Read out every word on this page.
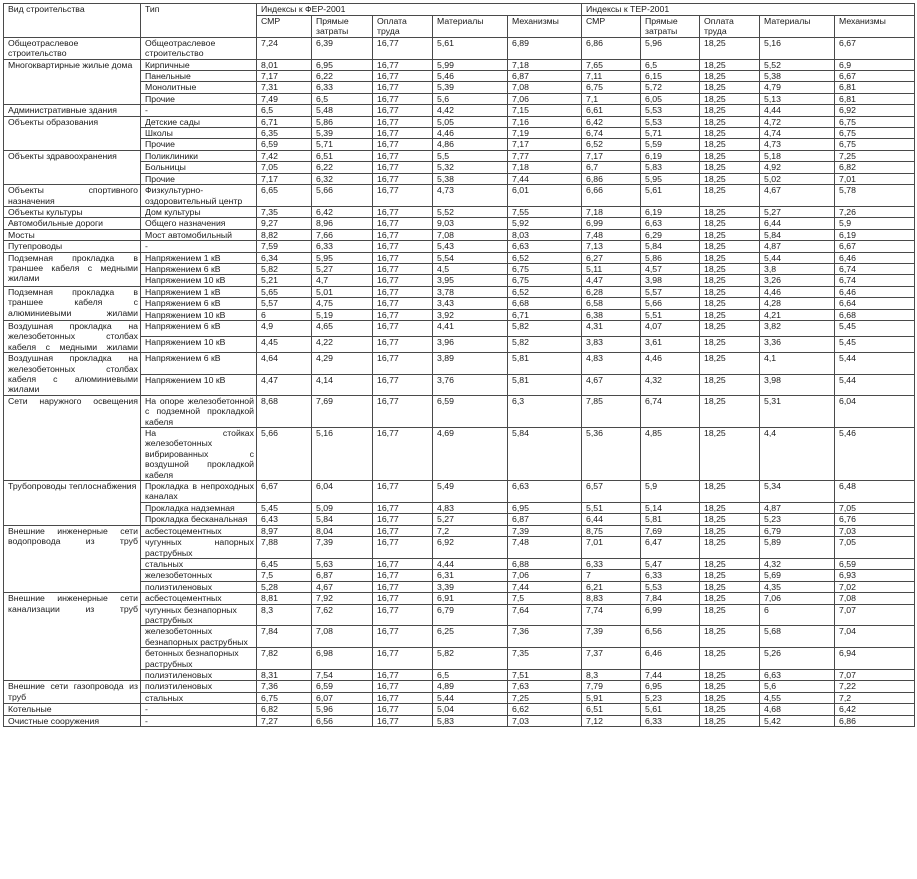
Вид строительства	Тип	Индексы к ФЕР-2001					Индексы к ТЕР-2001				
		СМР	Прямые затраты	Оплата труда	Материалы	Механизмы	СМР	Прямые затраты	Оплата труда	Материалы	Механизмы
Общеотраслевое строительство	Общеотраслевое строительство	7,24	6,39	16,77	5,61	6,89	6,86	5,96	18,25	5,16	6,67
Многоквартирные жилые дома	Кирпичные	8,01	6,95	16,77	5,99	7,18	7,65	6,5	18,25	5,52	6,9
	Панельные	7,17	6,22	16,77	5,46	6,87	7,11	6,15	18,25	5,38	6,67
	Монолитные	7,31	6,33	16,77	5,39	7,08	6,75	5,72	18,25	4,79	6,81
	Прочие	7,49	6,5	16,77	5,6	7,06	7,1	6,05	18,25	5,13	6,81
Административные здания	-	6,5	5,48	16,77	4,42	7,15	6,61	5,53	18,25	4,44	6,92
Объекты образования	Детские сады	6,71	5,86	16,77	5,05	7,16	6,42	5,53	18,25	4,72	6,75
	Школы	6,35	5,39	16,77	4,46	7,19	6,74	5,71	18,25	4,74	6,75
	Прочие	6,59	5,71	16,77	4,86	7,17	6,52	5,59	18,25	4,73	6,75
Объекты здравоохранения	Поликлиники	7,42	6,51	16,77	5,5	7,77	7,17	6,19	18,25	5,18	7,25
	Больницы	7,05	6,22	16,77	5,32	7,18	6,7	5,83	18,25	4,92	6,82
	Прочие	7,17	6,32	16,77	5,38	7,44	6,86	5,95	18,25	5,02	7,01
Объекты спортивного назначения	Физкультурно-оздоровительный центр	6,65	5,66	16,77	4,73	6,01	6,66	5,61	18,25	4,67	5,78
Объекты культуры	Дом культуры	7,35	6,42	16,77	5,52	7,55	7,18	6,19	18,25	5,27	7,26
Автомобильные дороги	Общего назначения	9,27	8,96	16,77	9,03	5,92	6,99	6,63	18,25	6,44	5,9
Мосты	Мост автомобильный	8,82	7,66	16,77	7,08	8,03	7,48	6,29	18,25	5,84	6,19
Путепроводы	-	7,59	6,33	16,77	5,43	6,63	7,13	5,84	18,25	4,87	6,67
Подземная прокладка в траншее кабеля с медными жилами	Напряжением 1 кВ	6,34	5,95	16,77	5,54	6,52	6,27	5,86	18,25	5,44	6,46
	Напряжением 6 кВ	5,82	5,27	16,77	4,5	6,75	5,11	4,57	18,25	3,8	6,74
	Напряжением 10 кВ	5,21	4,7	16,77	3,95	6,75	4,47	3,98	18,25	3,26	6,74
Подземная прокладка в траншее кабеля с алюминиевыми жилами	Напряжением 1 кВ	5,65	5,01	16,77	3,78	6,52	6,28	5,57	18,25	4,46	6,46
	Напряжением 6 кВ	5,57	4,75	16,77	3,43	6,68	6,58	5,66	18,25	4,28	6,64
	Напряжением 10 кВ	6	5,19	16,77	3,92	6,71	6,38	5,51	18,25	4,21	6,68
Воздушная прокладка на железобетонных столбах кабеля с медными жилами	Напряжением 6 кВ	4,9	4,65	16,77	4,41	5,82	4,31	4,07	18,25	3,82	5,45
	Напряжением 10 кВ	4,45	4,22	16,77	3,96	5,82	3,83	3,61	18,25	3,36	5,45
Воздушная прокладка на железобетонных столбах кабеля с алюминиевыми жилами	Напряжением 6 кВ	4,64	4,29	16,77	3,89	5,81	4,83	4,46	18,25	4,1	5,44
	Напряжением 10 кВ	4,47	4,14	16,77	3,76	5,81	4,67	4,32	18,25	3,98	5,44
Сети наружного освещения	На опоре железобетонной с подземной прокладкой кабеля	8,68	7,69	16,77	6,59	6,3	7,85	6,74	18,25	5,31	6,04
	На стойках железобетонных вибрированных с воздушной прокладкой кабеля	5,66	5,16	16,77	4,69	5,84	5,36	4,85	18,25	4,4	5,46
Трубопроводы теплоснабжения	Прокладка в непроходных каналах	6,67	6,04	16,77	5,49	6,63	6,57	5,9	18,25	5,34	6,48
	Прокладка надземная	5,45	5,09	16,77	4,83	6,95	5,51	5,14	18,25	4,87	7,05
	Прокладка бесканальная	6,43	5,84	16,77	5,27	6,87	6,44	5,81	18,25	5,23	6,76
Внешние инженерные сети водопровода из труб	асбестоцементных	8,97	8,04	16,77	7,2	7,39	8,75	7,69	18,25	6,79	7,03
	чугунных напорных раструбных	7,88	7,39	16,77	6,92	7,48	7,01	6,47	18,25	5,89	7,05
	стальных	6,45	5,63	16,77	4,44	6,88	6,33	5,47	18,25	4,32	6,59
	железобетонных	7,5	6,87	16,77	6,31	7,06	7	6,33	18,25	5,69	6,93
	полиэтиленовых	5,28	4,67	16,77	3,39	7,44	6,21	5,53	18,25	4,35	7,02
Внешние инженерные сети канализации из труб	асбестоцементных	8,81	7,92	16,77	6,91	7,5	8,83	7,84	18,25	7,06	7,08
	чугунных безнапорных раструбных	8,3	7,62	16,77	6,79	7,64	7,74	6,99	18,25	6	7,07
	железобетонных безнапорных раструбных	7,84	7,08	16,77	6,25	7,36	7,39	6,56	18,25	5,68	7,04
	бетонных безнапорных раструбных	7,82	6,98	16,77	5,82	7,35	7,37	6,46	18,25	5,26	6,94
	полиэтиленовых	8,31	7,54	16,77	6,5	7,51	8,3	7,44	18,25	6,63	7,07
Внешние сети газопровода из труб	полиэтиленовых	7,36	6,59	16,77	4,89	7,63	7,79	6,95	18,25	5,6	7,22
	стальных	6,75	6,07	16,77	5,44	7,25	5,91	5,23	18,25	4,55	7,2
Котельные	-	6,82	5,96	16,77	5,04	6,62	6,51	5,61	18,25	4,68	6,42
Очистные сооружения	-	7,27	6,56	16,77	5,83	7,03	7,12	6,33	18,25	5,42	6,86
